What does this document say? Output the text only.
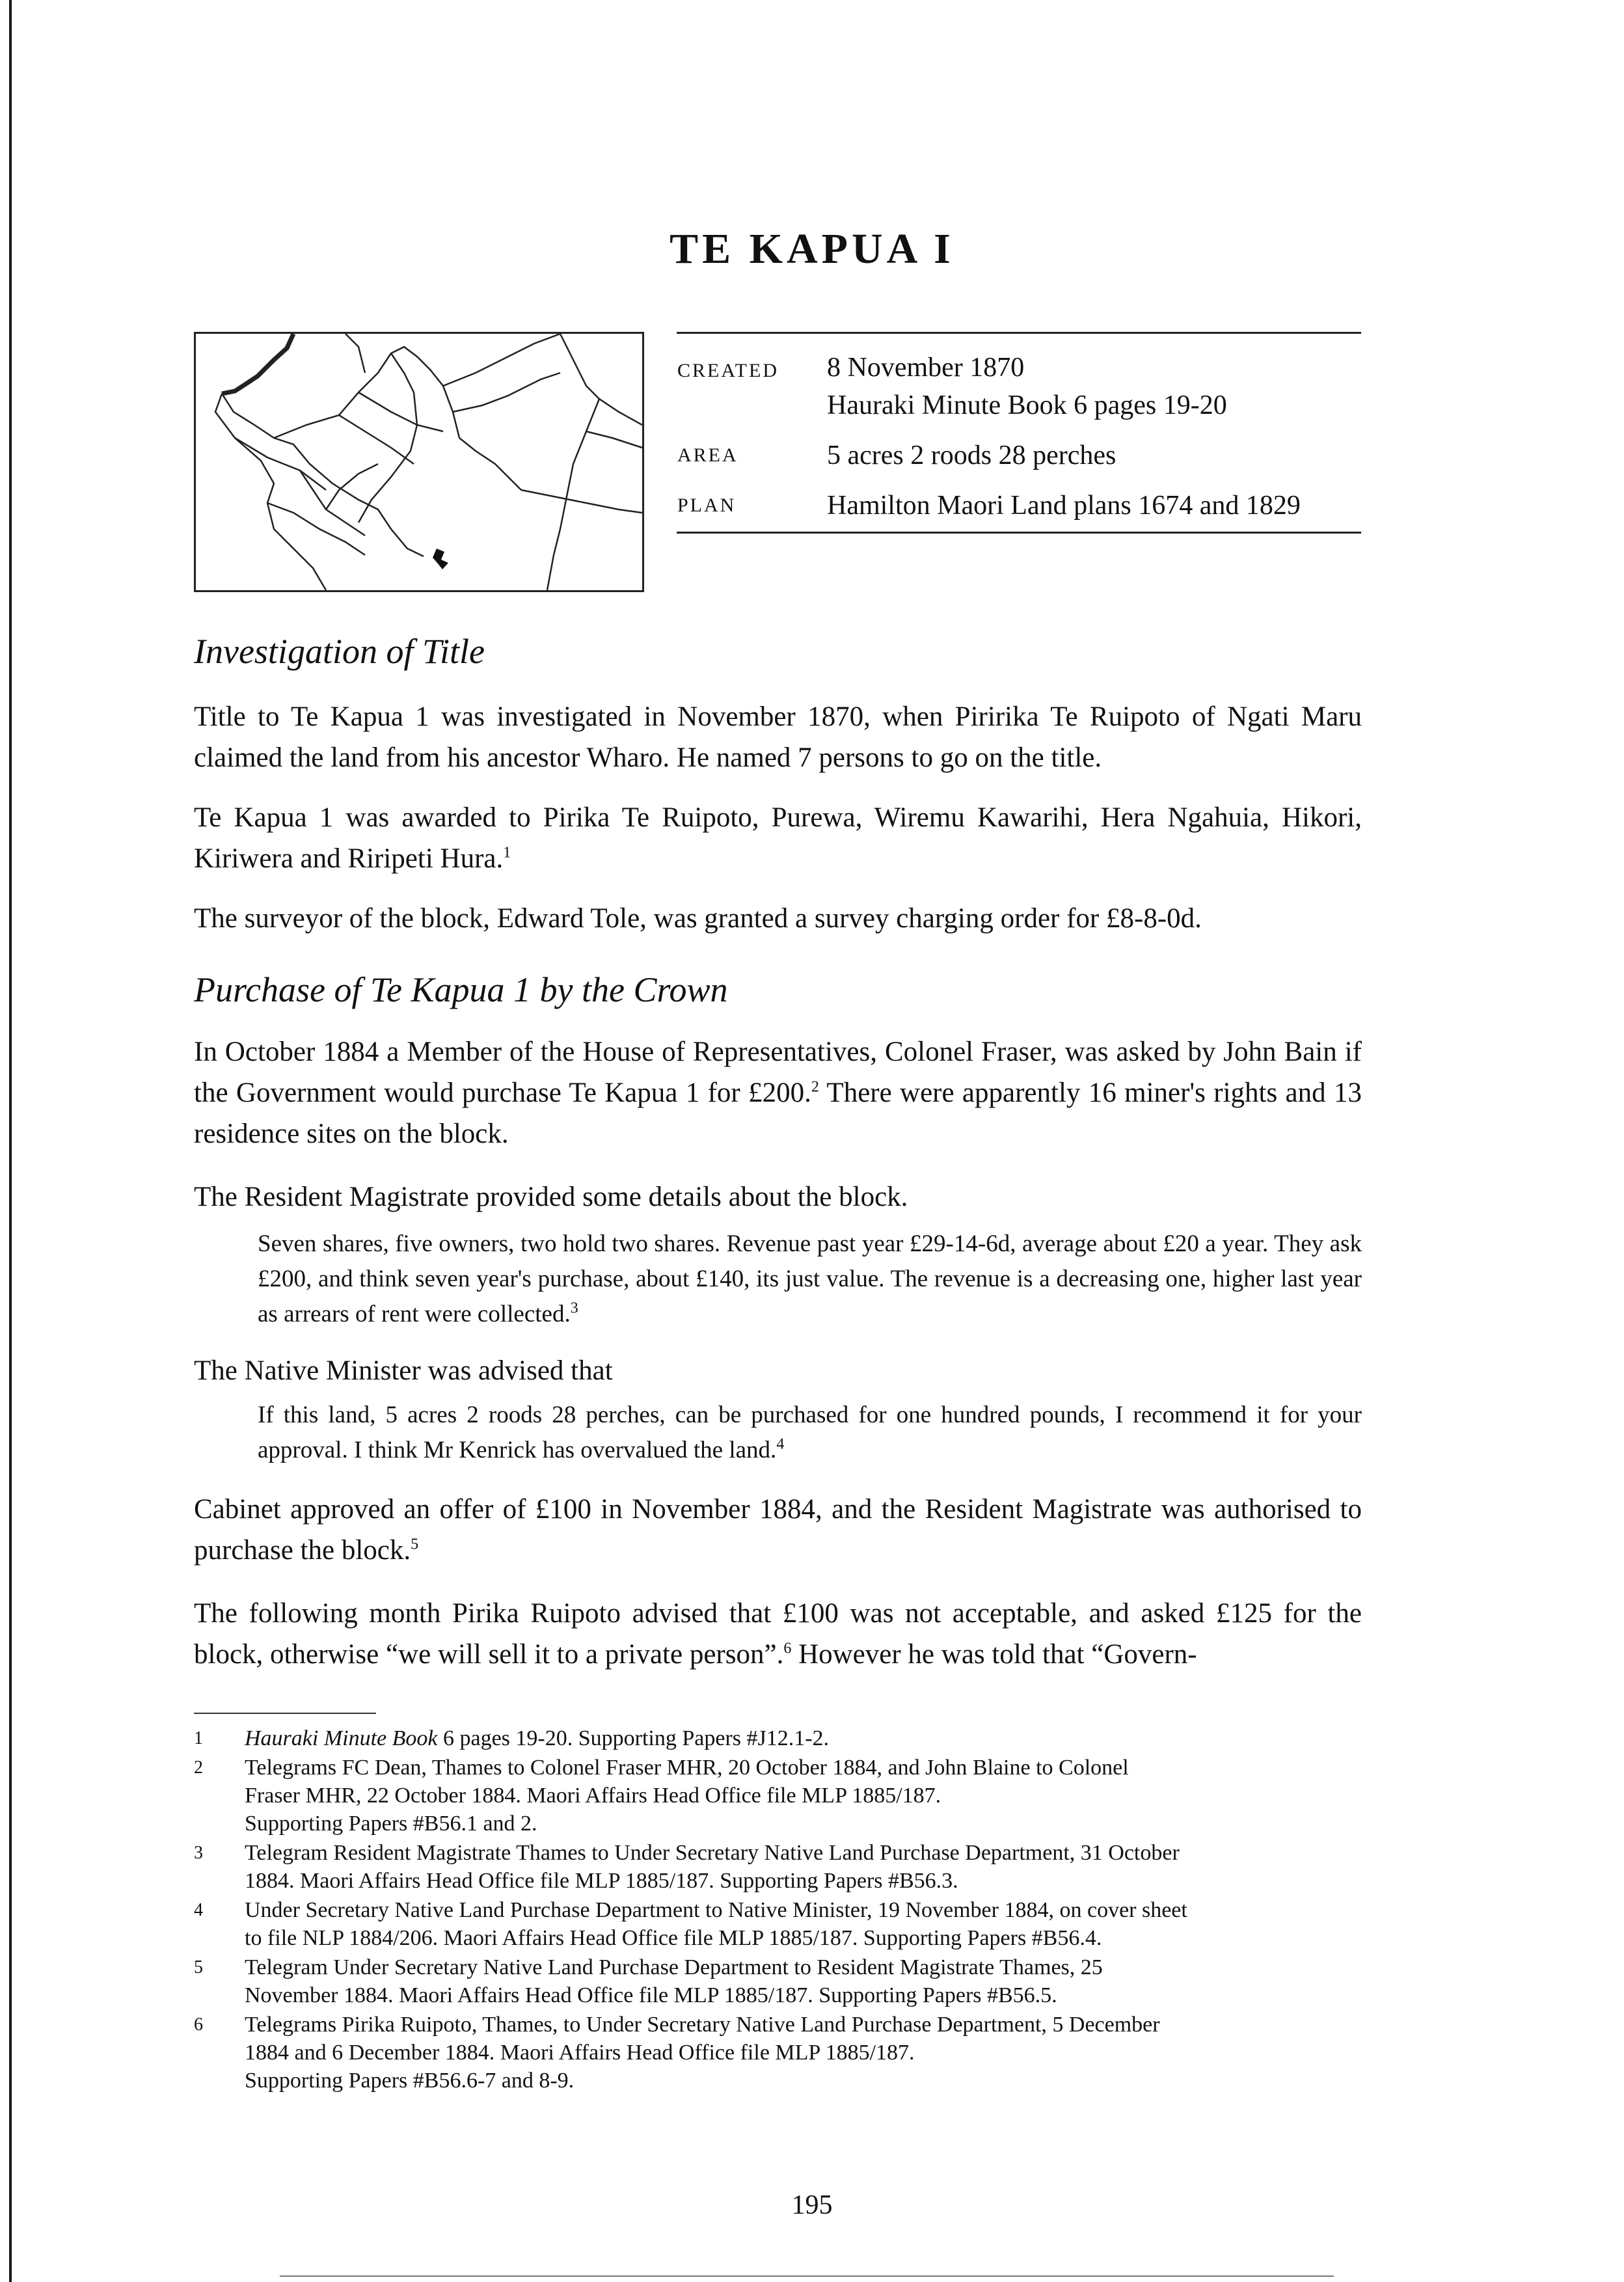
TE KAPUA I
CREATED	8 November 1870
Hauraki Minute Book 6 pages 19-20

AREA	5 acres 2 roods 28 perches
PLAN	Hamilton Maori Land plans 1674 and 1829
Investigation of Title
Title to Te Kapua 1 was investigated in November 1870, when Piririka Te Ruipoto of Ngati Maru claimed the land from his ancestor Wharo. He named 7 persons to go on the title.
Te Kapua 1 was awarded to Pirika Te Ruipoto, Purewa, Wiremu Kawarihi, Hera Ngahuia, Hikori, Kiriwera and Riripeti Hura.$^1$
The surveyor of the block, Edward Tole, was granted a survey charging order for £8-8-0d.
Purchase of Te Kapua 1 by the Crown
In October 1884 a Member of the House of Representatives, Colonel Fraser, was asked by John Bain if the Government would purchase Te Kapua 1 for £200.$^2$ There were apparently 16 miner's rights and 13 residence sites on the block.
The Resident Magistrate provided some details about the block.
Seven shares, five owners, two hold two shares. Revenue past year £29-14-6d, average about £20 a year. They ask £200, and think seven year's purchase, about £140, its just value. The revenue is a decreasing one, higher last year as arrears of rent were collected.$^3$
The Native Minister was advised that
If this land, 5 acres 2 roods 28 perches, can be purchased for one hundred pounds, I recommend it for your approval. I think Mr Kenrick has overvalued the land.$^4$
Cabinet approved an offer of £100 in November 1884, and the Resident Magistrate was authorised to purchase the block.$^5$
The following month Pirika Ruipoto advised that £100 was not acceptable, and asked £125 for the block, otherwise “we will sell it to a private person”.$^6$ However he was told that “Govern-
1	Hauraki Minute Book 6 pages 19-20. Supporting Papers #J12.1-2.
2	Telegrams FC Dean, Thames to Colonel Fraser MHR, 20 October 1884, and John Blaine to Colonel
Fraser MHR, 22 October 1884. Maori Affairs Head Office file MLP 1885/187.
Supporting Papers #B56.1 and 2.
3	Telegram Resident Magistrate Thames to Under Secretary Native Land Purchase Department, 31 October
1884. Maori Affairs Head Office file MLP 1885/187. Supporting Papers #B56.3.
4	Under Secretary Native Land Purchase Department to Native Minister, 19 November 1884, on cover sheet
to file NLP 1884/206. Maori Affairs Head Office file MLP 1885/187. Supporting Papers #B56.4.
5	Telegram Under Secretary Native Land Purchase Department to Resident Magistrate Thames, 25
November 1884. Maori Affairs Head Office file MLP 1885/187. Supporting Papers #B56.5.
6	Telegrams Pirika Ruipoto, Thames, to Under Secretary Native Land Purchase Department, 5 December
1884 and 6 December 1884. Maori Affairs Head Office file MLP 1885/187.
Supporting Papers #B56.6-7 and 8-9.
195
